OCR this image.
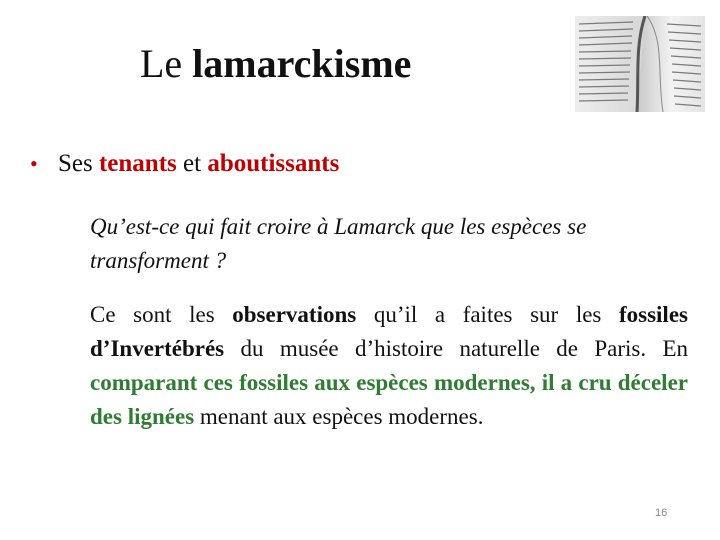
Le lamarckisme
• Ses tenants et aboutissants
Qu’est-ce qui fait croire à Lamarck que les espèces se transforment ?
Ce sont les observations qu’il a faites sur les fossiles d’Invertébrés du musée d’histoire naturelle de Paris. En comparant ces fossiles aux espèces modernes, il a cru déceler des lignées menant aux espèces modernes.
16
